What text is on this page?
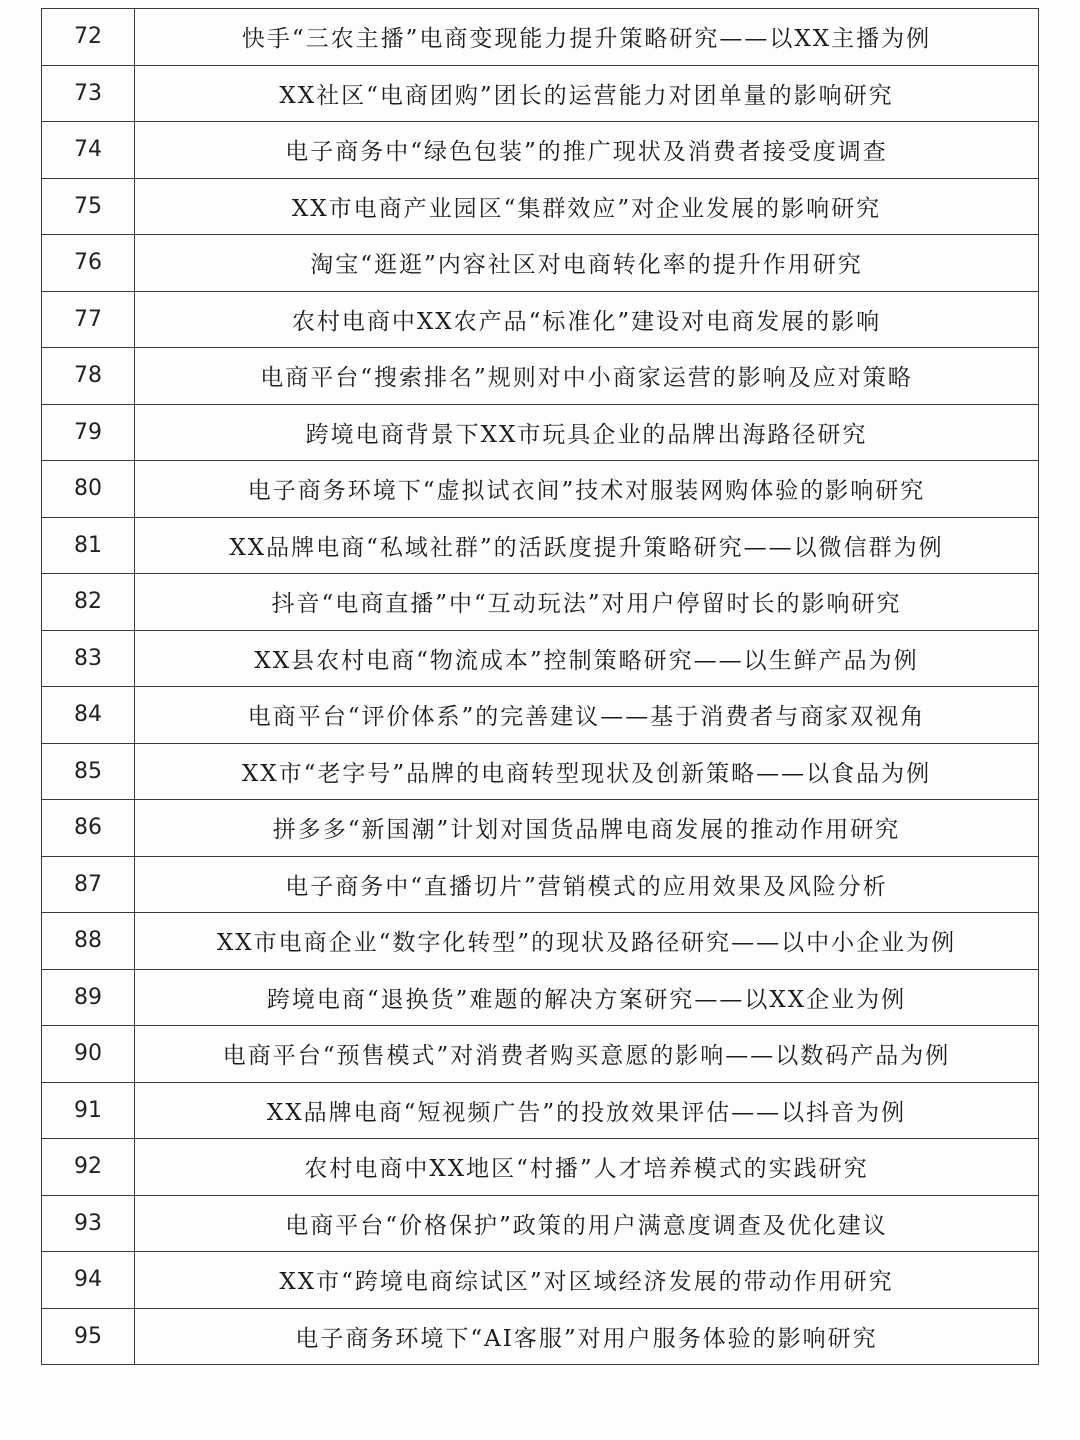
72	快手“三农主播”电商变现能力提升策略研究——以XX主播为例
73	XX社区“电商团购”团长的运营能力对团单量的影响研究
74	电子商务中“绿色包装”的推广现状及消费者接受度调查
75	XX市电商产业园区“集群效应”对企业发展的影响研究
76	淘宝“逛逛”内容社区对电商转化率的提升作用研究
77	农村电商中XX农产品“标准化”建设对电商发展的影响
78	电商平台“搜索排名”规则对中小商家运营的影响及应对策略
79	跨境电商背景下XX市玩具企业的品牌出海路径研究
80	电子商务环境下“虚拟试衣间”技术对服装网购体验的影响研究
81	XX品牌电商“私域社群”的活跃度提升策略研究——以微信群为例
82	抖音“电商直播”中“互动玩法”对用户停留时长的影响研究
83	XX县农村电商“物流成本”控制策略研究——以生鲜产品为例
84	电商平台“评价体系”的完善建议——基于消费者与商家双视角
85	XX市“老字号”品牌的电商转型现状及创新策略——以食品为例
86	拼多多“新国潮”计划对国货品牌电商发展的推动作用研究
87	电子商务中“直播切片”营销模式的应用效果及风险分析
88	XX市电商企业“数字化转型”的现状及路径研究——以中小企业为例
89	跨境电商“退换货”难题的解决方案研究——以XX企业为例
90	电商平台“预售模式”对消费者购买意愿的影响——以数码产品为例
91	XX品牌电商“短视频广告”的投放效果评估——以抖音为例
92	农村电商中XX地区“村播”人才培养模式的实践研究
93	电商平台“价格保护”政策的用户满意度调查及优化建议
94	XX市“跨境电商综试区”对区域经济发展的带动作用研究
95	电子商务环境下“AI客服”对用户服务体验的影响研究
